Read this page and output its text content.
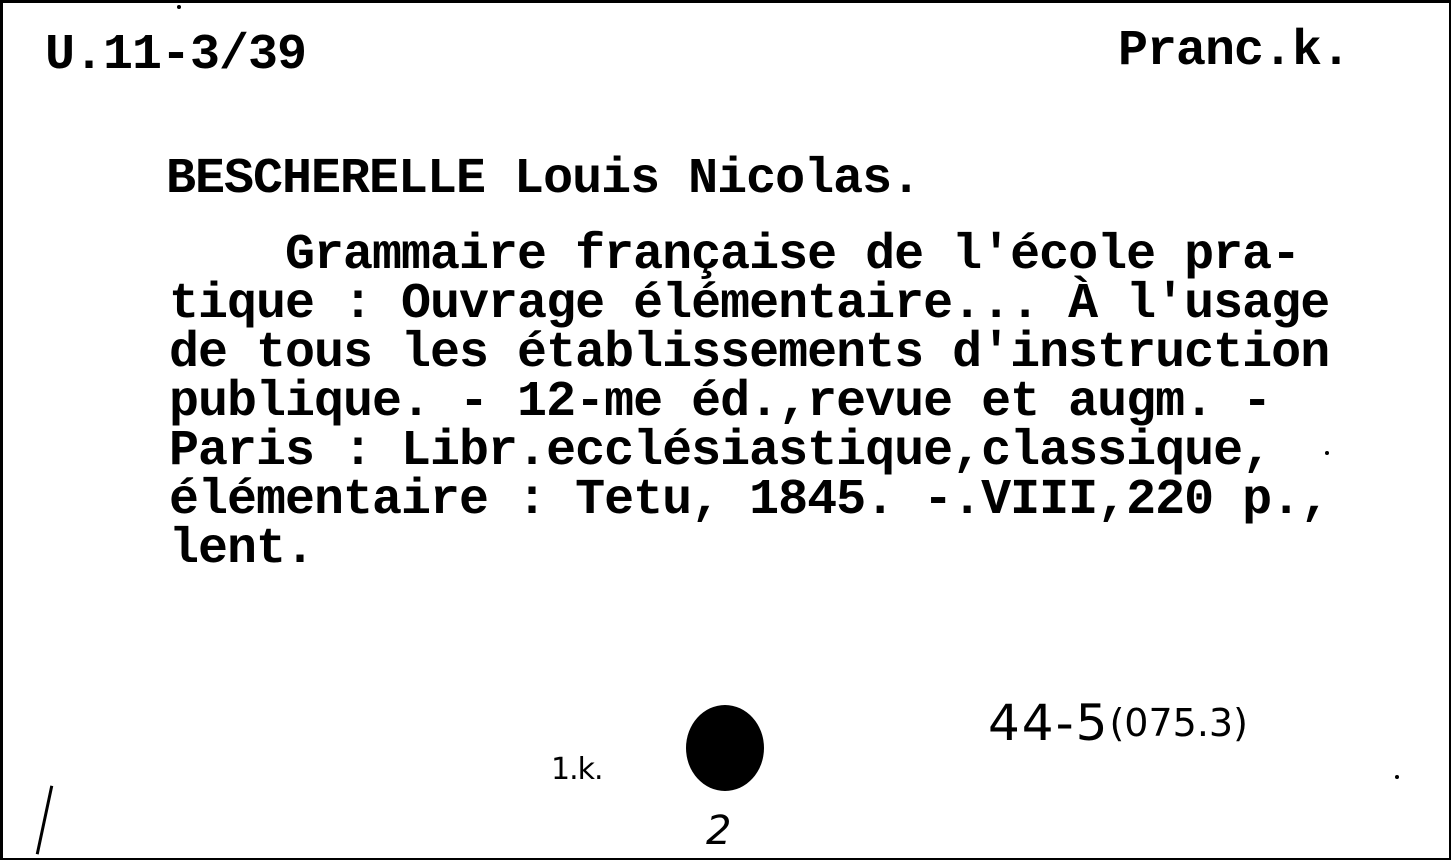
U.11-3/39	Pranc.k.
BESCHERELLE Louis Nicolas.
Grammaire française de l'école pra-
tique : Ouvrage élémentaire... À l'usage
de tous les établissements d'instruction
publique. - 12-me éd.,revue et augm. -
Paris : Libr.ecclésiastique,classique,
élémentaire : Tetu, 1845. -.VIII,220 p.,
lent.
44-5(075.3)
1.k.
2
